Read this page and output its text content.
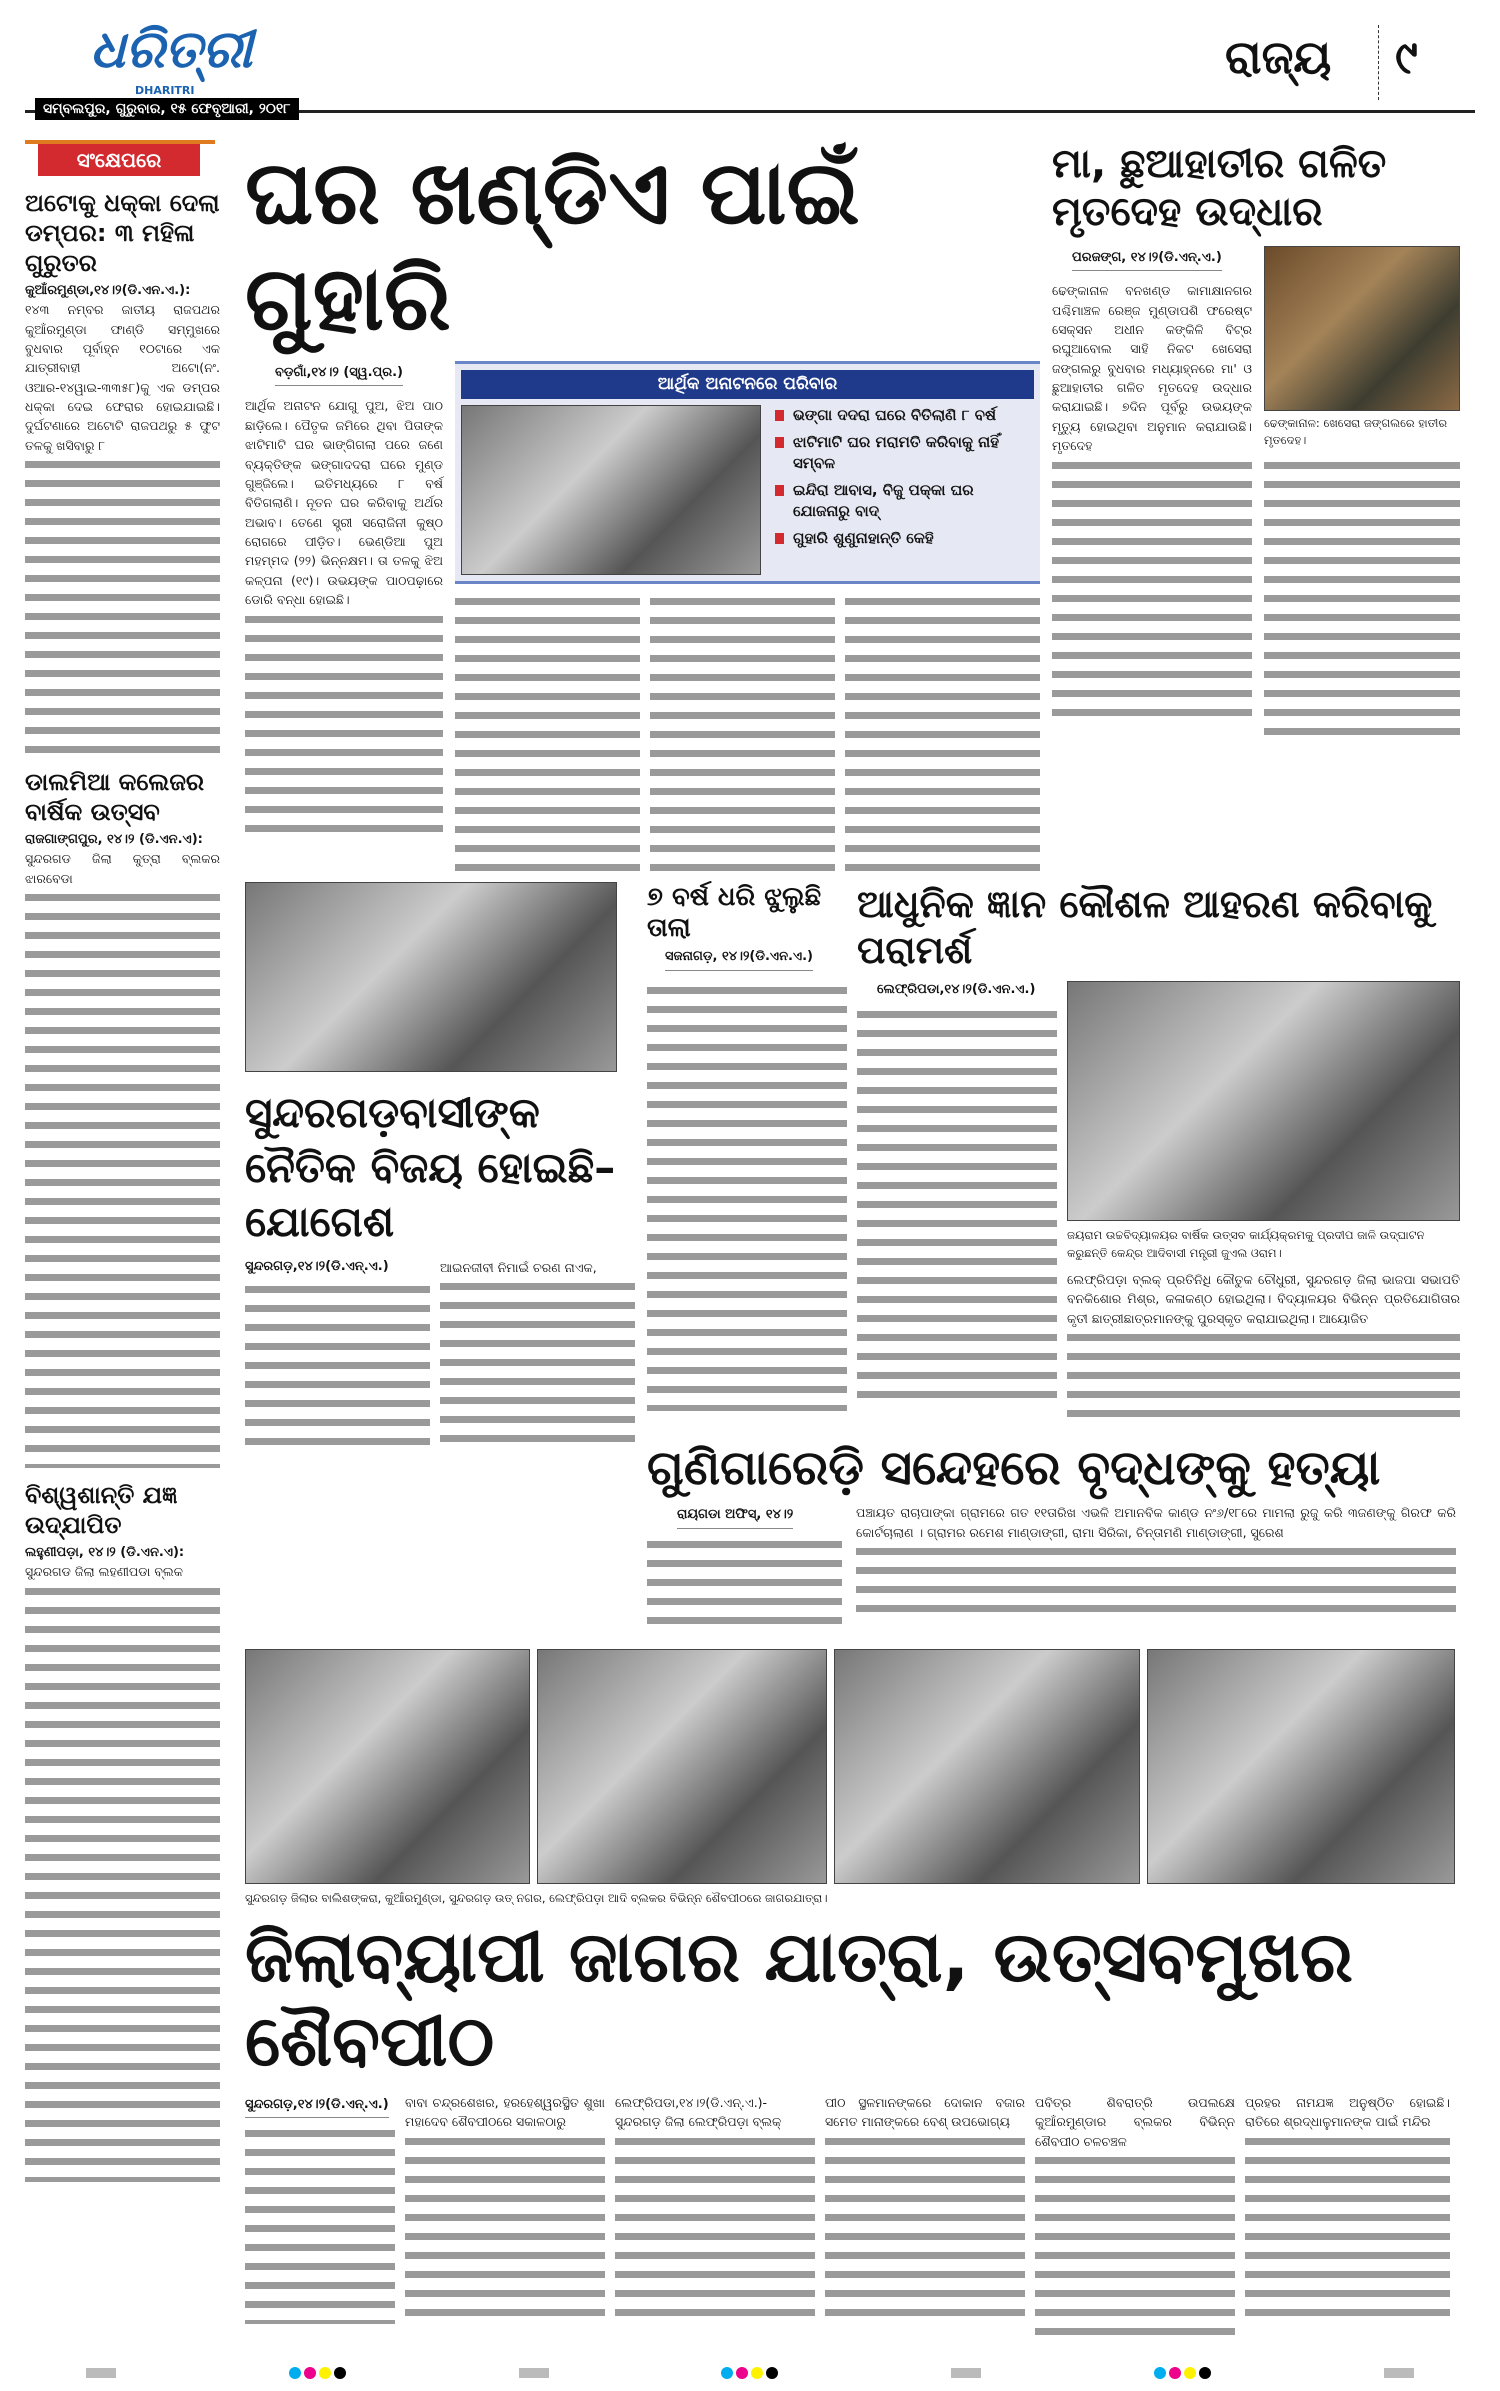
ଧରିତ୍ରୀ
DHARITRI
ସମ୍ବଲପୁର, ଗୁରୁବାର, ୧୫ ଫେବୃଆରୀ, ୨୦୧୮
ରାଜ୍ୟ ୯
ସଂକ୍ଷେପରେ
ଅଟୋକୁ ଧକ୍କା ଦେଲା ଡମ୍ପର: ୩ ମହିଳା ଗୁରୁତର
କୁଆଁରମୁଣ୍ଡା,୧୪।୨(ଡି.ଏନ.ଏ.):
୧୪୩ ନମ୍ବର ଜାତୀୟ ରାଜପଥର କୁଆଁରମୁଣ୍ଡା ଫାଣ୍ଡି ସମ୍ମୁଖରେ ବୁଧବାର ପୂର୍ବାହ୍ନ ୧୦ଟାରେ ଏକ ଯାତ୍ରୀବାହୀ ଅଟୋ(ନଂ. ଓଆର-୧୪ୱାଇ-୩୩୫୮)କୁ ଏକ ଡମ୍ପର ଧକ୍କା ଦେଇ ଫେରାର ହୋଇଯାଇଛି। ଦୁର୍ଘଟଣାରେ ଅଟୋଟି ରାଜପଥରୁ ୫ ଫୁଟ ତଳକୁ ଖସିବାରୁ ୮
ଡାଲମିଆ କଲେଜର ବାର୍ଷିକ ଉତ୍ସବ
ରାଜଗାଙ୍ଗପୁର, ୧୪।୨ (ଡି.ଏନ.ଏ):
ସୁନ୍ଦରଗଡ ଜିଲା କୁତ୍ରା ବ୍ଲକର ଝାରବେଡା
ବିଶ୍ୱଶାନ୍ତି ଯଜ୍ଞ ଉଦ୍‌ଯାପିତ
ଲହୁଣୀପଡ଼ା, ୧୪।୨ (ଡି.ଏନ.ଏ):
ସୁନ୍ଦରଗଡ ଜିଲା ଲହଣୀପଡା ବ୍ଲକ
ଘର ଖଣ୍ଡିଏ ପାଇଁ ଗୁହାରି
ବଡ଼ଗାଁ,୧୪।୨ (ସ୍ୱ.ପ୍ର.)
ଆର୍ଥିକ ଅନାଟନ ଯୋଗୁ ପୁଅ, ଝିଅ ପାଠ ଛାଡ଼ିଲେ। ପୈତୃକ ଜମିରେ ଥିବା ପିତାଙ୍କ ଝାଟିମାଟି ଘର ଭାଙ୍ଗିଗଲା ପରେ ଜଣେ ବ୍ୟକ୍ତିଙ୍କ ଭଙ୍ଗାଦଦରା ଘରେ ମୁଣ୍ଡ ଗୁଞ୍ଜିଲେ। ଇତିମଧ୍ୟରେ ୮ ବର୍ଷ ବିତିଗଲାଣି। ନୂତନ ଘର କରିବାକୁ ଅର୍ଥର ଅଭାବ। ତେଣେ ସ୍ତ୍ରୀ ସରୋଜିନୀ କୁଷ୍ଠ ରୋଗରେ ପୀଡ଼ିତ। ଭେଣ୍ଡିଆ ପୁଅ ମହମ୍ମଦ (୨୨) ଭିନ୍ନକ୍ଷମ। ତା ତଳକୁ ଝିଅ କଳ୍ପନା (୧୯)। ଉଭୟଙ୍କ ପାଠପଢ଼ାରେ ଡୋରି ବନ୍ଧା ହୋଇଛି।
ଆର୍ଥିକ ଅନାଟନରେ ପରିବାର
ଭଙ୍ଗା ଦଦରା ଘରେ ବିତିଲାଣି ୮ ବର୍ଷ
ଝାଟିମାଟି ଘର ମରାମତି କରିବାକୁ ନାହିଁ ସମ୍ବଳ
ଇନ୍ଦିରା ଆବାସ, ବିଜୁ ପକ୍କା ଘର ଯୋଜନାରୁ ବାଦ୍
ଗୁହାରି ଶୁଣୁନାହାନ୍ତି କେହି
ମା, ଛୁଆହାତୀର ଗଳିତ ମୃତଦେହ ଉଦ୍ଧାର
ପରଜଙ୍ଗ, ୧୪।୨(ଡି.ଏନ୍.ଏ.)
ଢେଙ୍କାନାଳ ବନଖଣ୍ଡ କାମାକ୍ଷାନଗର ପଶ୍ଚିମାଞ୍ଚଳ ରେଞ୍ଜ ମୁଣ୍ଡାପଶି ଫରେଷ୍ଟ ସେକ୍ସନ ଅଧୀନ କଙ୍କିଳି ବିଟ୍‌ର ରଘୁଆବୋଲ ସାହି ନିକଟ ଖେସେରା ଜଙ୍ଗଲରୁ ବୁଧବାର ମଧ୍ୟାହ୍ନରେ ମା' ଓ ଛୁଆହାତୀର ଗଳିତ ମୃତଦେହ ଉଦ୍ଧାର କରାଯାଇଛି। ୭ଦିନ ପୂର୍ବରୁ ଉଭୟଙ୍କ ମୃତ୍ୟୁ ହୋଇଥିବା ଅନୁମାନ କରାଯାଉଛି। ମୃତଦେହ
ଢେଙ୍କାନାଳ: ଖେସେରା ଜଙ୍ଗଲରେ ହାତୀର ମୃତଦେହ।
ସୁନ୍ଦରଗଡ଼ବାସୀଙ୍କ ନୈତିକ ବିଜୟ ହୋଇଛି–ଯୋଗେଶ
ସୁନ୍ଦରଗଡ଼,୧୪।୨(ଡି.ଏନ୍.ଏ.)	ଆଇନଜୀବୀ ନିମାଇଁ ଚରଣ ନାଏକ,
୭ ବର୍ଷ ଧରି ଝୁଲୁଛି ତାଲା
ସଜନାଗଡ଼, ୧୪।୨(ଡି.ଏନ.ଏ.)
ଆଧୁନିକ ଜ୍ଞାନ କୌଶଳ ଆହରଣ କରିବାକୁ ପରାମର୍ଶ
ଲେଫ୍ରିପଡା,୧୪।୨(ଡି.ଏନ.ଏ.)
ଜୟରାମ ଉଚ୍ଚବିଦ୍ୟାଳୟର ବାର୍ଷିକ ଉତ୍ସବ କାର୍ଯ୍ୟକ୍ରମକୁ ପ୍ରଦୀପ ଜାଳି ଉଦ୍‌ଘାଟନ କରୁଛନ୍ତି କେନ୍ଦ୍ର ଆଦିବାସୀ ମନ୍ତ୍ରୀ ଜୁଏଲ ଓରାମ।
ଲେଫ୍ରିପଡ଼ା ବ୍ଲକ୍ ପ୍ରତିନିଧି କୌତୁକ ଚୌଧୁରୀ, ସୁନ୍ଦରଗଡ଼ ଜିଲା ଭାଜପା ସଭାପତି ବନକିଶୋର ମିଶ୍ର, କଳାକଣ୍ଠ ହୋଇଥିଲା। ବିଦ୍ୟାଳୟର ବିଭିନ୍ନ ପ୍ରତିଯୋଗିତାର କୃତୀ ଛାତ୍ରୀଛାତ୍ରମାନଙ୍କୁ ପୁରସ୍କୃତ କରାଯାଇଥିଲା। ଆୟୋଜିତ
ଗୁଣିଗାରେଡ଼ି ସନ୍ଦେହରେ ବୃଦ୍ଧଙ୍କୁ ହତ୍ୟା
ରାୟଗଡା ଅଫିସ୍, ୧୪।୨	ପଞ୍ଚାୟତ ରାଚାପାଙ୍କା ଗ୍ରାମରେ ଗତ ୧୧ତାରିଖ ଏଭଳି ଅମାନବିକ କାଣ୍ଡ ନଂ୬/୧୮ରେ ମାମଲା ରୁଜୁ କରି ୩ଜଣଙ୍କୁ ଗିରଫ କରି କୋର୍ଟଚାଲାଣ । ଗ୍ରାମର ରମେଶ ମାଣ୍ଡାଙ୍ଗୀ, ରାମା ସିରିକା, ଚିନ୍ତାମଣି ମାଣ୍ଡାଙ୍ଗୀ, ସୁରେଶ
ସୁନ୍ଦରଗଡ଼ ଜିଲାର ବାଲିଶଙ୍କରା, କୁଆଁରମୁଣ୍ଡା, ସୁନ୍ଦରଗଡ଼ ଉତ୍ ନଗର, ଲେଫ୍ରିପଡ଼ା ଆଦି ବ୍ଲକର ବିଭିନ୍ନ ଶୈବପୀଠରେ ଜାଗରଯାତ୍ରା।
ଜିଲାବ୍ୟାପୀ ଜାଗର ଯାତ୍ରା, ଉତ୍ସବମୁଖର ଶୈବପୀଠ
ସୁନ୍ଦରଗଡ଼,୧୪।୨(ଡି.ଏନ୍.ଏ.)	ବାବା ଚନ୍ଦ୍ରଶେଖର, ହରହେଶ୍ୱରସ୍ଥିତ ଶୁଖା ମହାଦେବ ଶୈବପୀଠରେ ସକାଳଠାରୁ
ଲେଫ୍ରିପଡା,୧୪।୨(ଡି.ଏନ୍.ଏ.)- ସୁନ୍ଦରଗଡ଼ ଜିଲା ଲେଫ୍ରିପଡ଼ା ବ୍ଲକ୍
ପୀଠ ସ୍ଥଳମାନଙ୍କରେ ଦୋକାନ ବଜାର ସମେତ ମାନାଙ୍କରେ ବେଶ୍ ଉପଭୋଗ୍ୟ
ପବିତ୍ର ଶିବରାତ୍ରି ଉପଲକ୍ଷେ କୁଆଁରମୁଣ୍ଡାର ବ୍ଲକର ବିଭିନ୍ନ ଶୈବପୀଠ ଚଳଚଞ୍ଚଳ
ପ୍ରହର ନାମଯଜ୍ଞ ଅନୁଷ୍ଠିତ ହୋଇଛି। ରାତିରେ ଶ୍ରଦ୍ଧାଳୁମାନଙ୍କ ପାଇଁ ମନ୍ଦିର
